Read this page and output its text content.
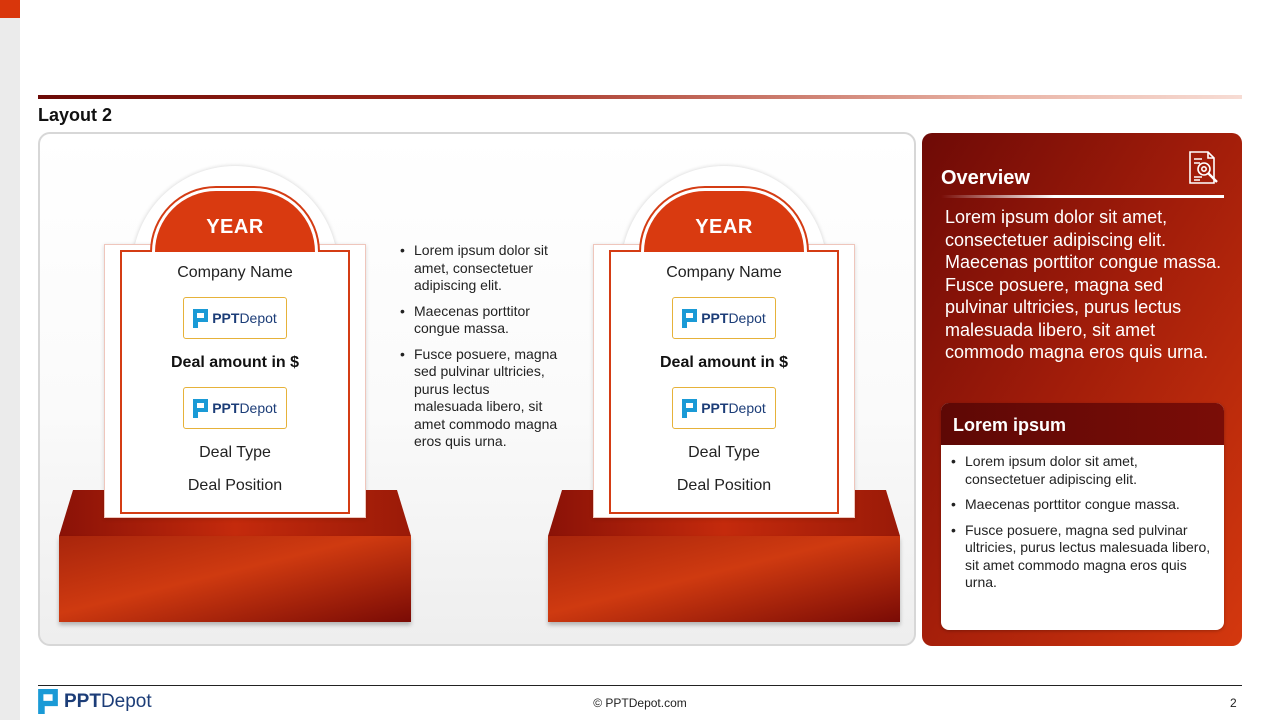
Layout 2
YEAR
Company Name
PPTDepot
Deal amount in $
PPTDepot
Deal Type
Deal Position
• Lorem ipsum dolor sit amet, consectetuer adipiscing elit.
• Maecenas porttitor congue massa.
• Fusce posuere, magna sed pulvinar ultricies, purus lectus malesuada libero, sit amet commodo magna eros quis urna.
YEAR
Company Name
PPTDepot
Deal amount in $
PPTDepot
Deal Type
Deal Position
Overview
Lorem ipsum dolor sit amet, consectetuer adipiscing elit. Maecenas porttitor congue massa. Fusce posuere, magna sed pulvinar ultricies, purus lectus malesuada libero, sit amet commodo magna eros quis urna.
Lorem ipsum
• Lorem ipsum dolor sit amet, consectetuer adipiscing elit.
• Maecenas porttitor congue massa.
• Fusce posuere, magna sed pulvinar ultricies, purus lectus malesuada libero, sit amet commodo magna eros quis urna.
PPTDepot	© PPTDepot.com	2
